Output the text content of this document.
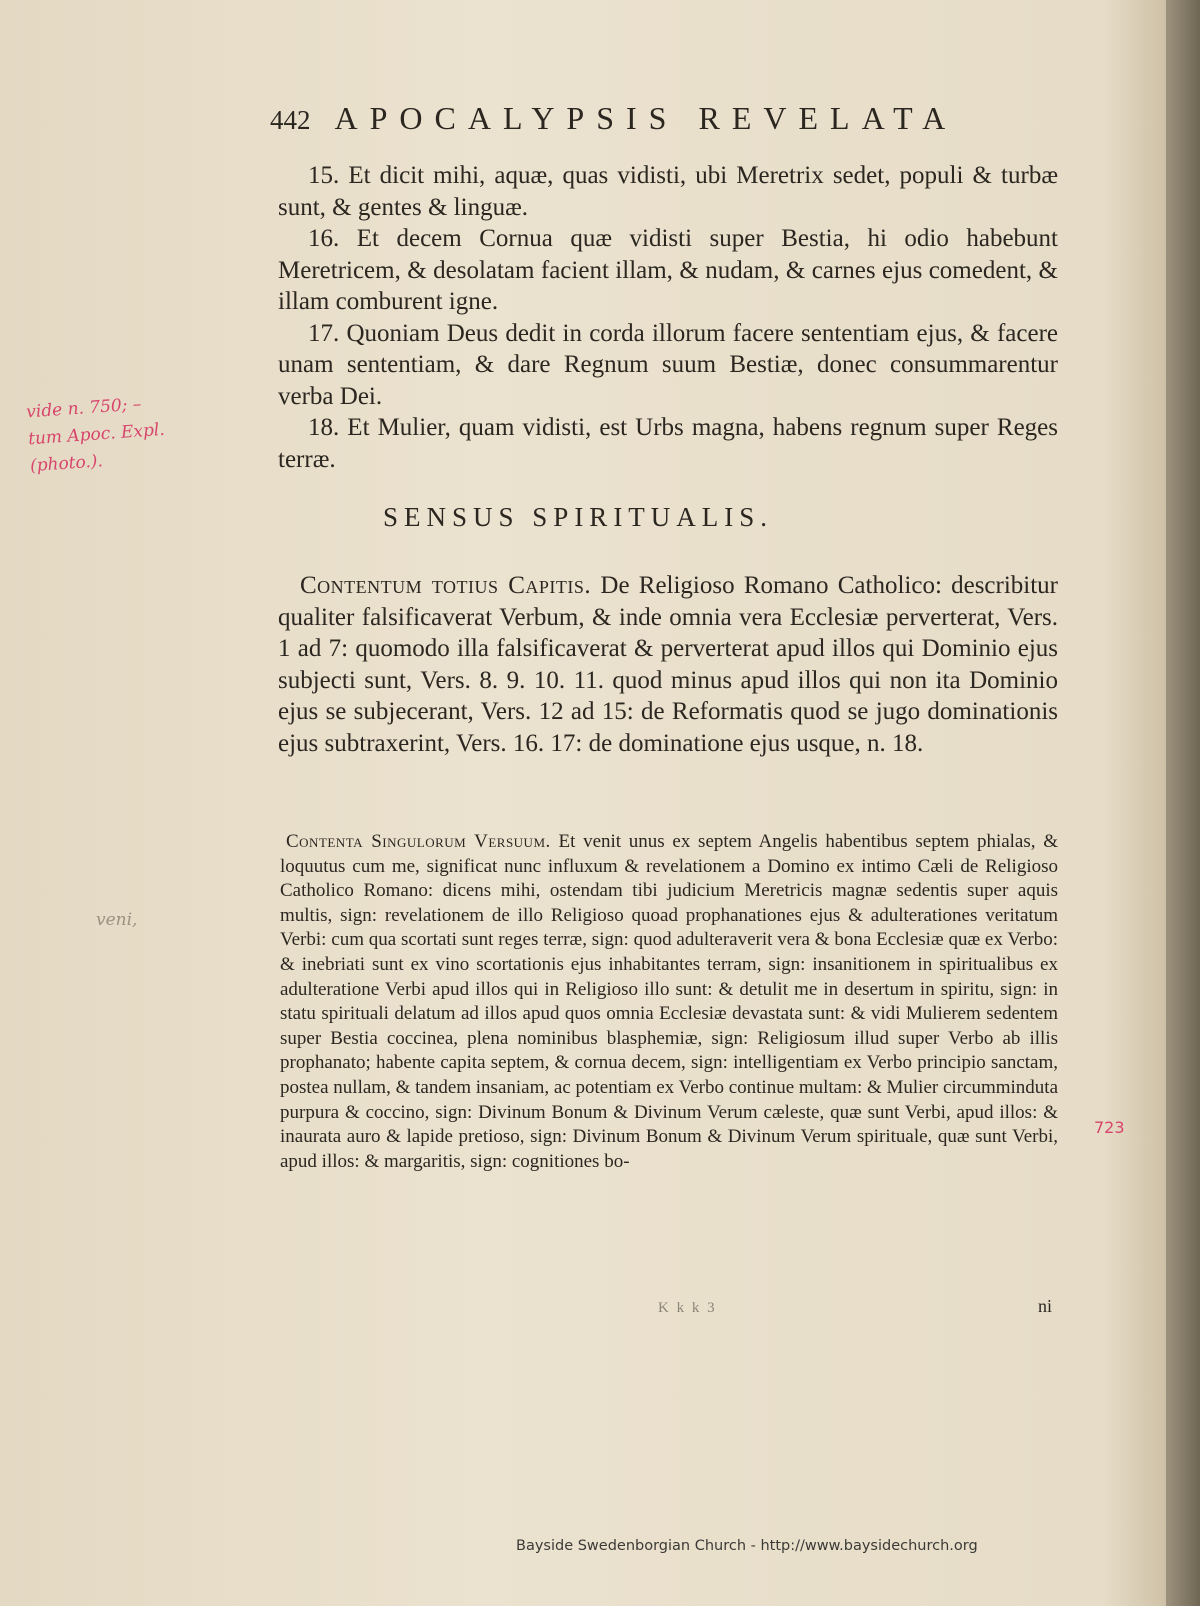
442 APOCALYPSIS REVELATA

15. Et dicit mihi, aquæ, quas vidisti, ubi Meretrix sedet, populi & turbæ sunt, & gentes & linguæ.

16. Et decem Cornua quæ vidisti super Bestia, hi odio habebunt Meretricem, & desolatam facient illam, & nudam, & carnes ejus comedent, & illam comburent igne.

17. Quoniam Deus dedit in corda illorum facere sententiam ejus, & facere unam sententiam, & dare Regnum suum Bestiæ, donec consummarentur verba Dei.

18. Et Mulier, quam vidisti, est Urbs magna, habens regnum super Reges terræ.

SENSUS SPIRITUALIS.

Contentum totius Capitis. De Religioso Romano Catholico: describitur qualiter falsificaverat Verbum, & inde omnia vera Ecclesiæ perverterat, Vers. 1 ad 7: quomodo illa falsificaverat & perverterat apud illos qui Dominio ejus subjecti sunt, Vers. 8. 9. 10. 11. quod minus apud illos qui non ita Dominio ejus se subjecerant, Vers. 12 ad 15: de Reformatis quod se jugo dominationis ejus subtraxerint, Vers. 16. 17: de dominatione ejus usque, n. 18.

Contenta Singulorum Versuum. Et venit unus ex septem Angelis habentibus septem phialas, & loquutus cum me, significat nunc influxum & revelationem a Domino ex intimo Cæli de Religioso Catholico Romano: dicens mihi, ostendam tibi judicium Meretricis magnæ sedentis super aquis multis, sign: revelationem de illo Religioso quoad prophanationes ejus & adulterationes veritatum Verbi: cum qua scortati sunt reges terræ, sign: quod adulteraverit vera & bona Ecclesiæ quæ ex Verbo: & inebriati sunt ex vino scortationis ejus inhabitantes terram, sign: insanitionem in spiritualibus ex adulteratione Verbi apud illos qui in Religioso illo sunt: & detulit me in desertum in spiritu, sign: in statu spirituali delatum ad illos apud quos omnia Ecclesiæ devastata sunt: & vidi Mulierem sedentem super Bestia coccinea, plena nominibus blasphemiæ, sign: Religiosum illud super Verbo ab illis prophanato; habente capita septem, & cornua decem, sign: intelligentiam ex Verbo principio sanctam, postea nullam, & tandem insaniam, ac potentiam ex Verbo continue multam: & Mulier circumminduta purpura & coccino, sign: Divinum Bonum & Divinum Verum cæleste, quæ sunt Verbi, apud illos: & inaurata auro & lapide pretioso, sign: Divinum Bonum & Divinum Verum spirituale, quæ sunt Verbi, apud illos: & margaritis, sign: cognitiones bo-

vide n. 750; –
tum Apoc. Expl.
(photo.).
veni,
723
K k k 3	ni
Bayside Swedenborgian Church - http://www.baysidechurch.org
